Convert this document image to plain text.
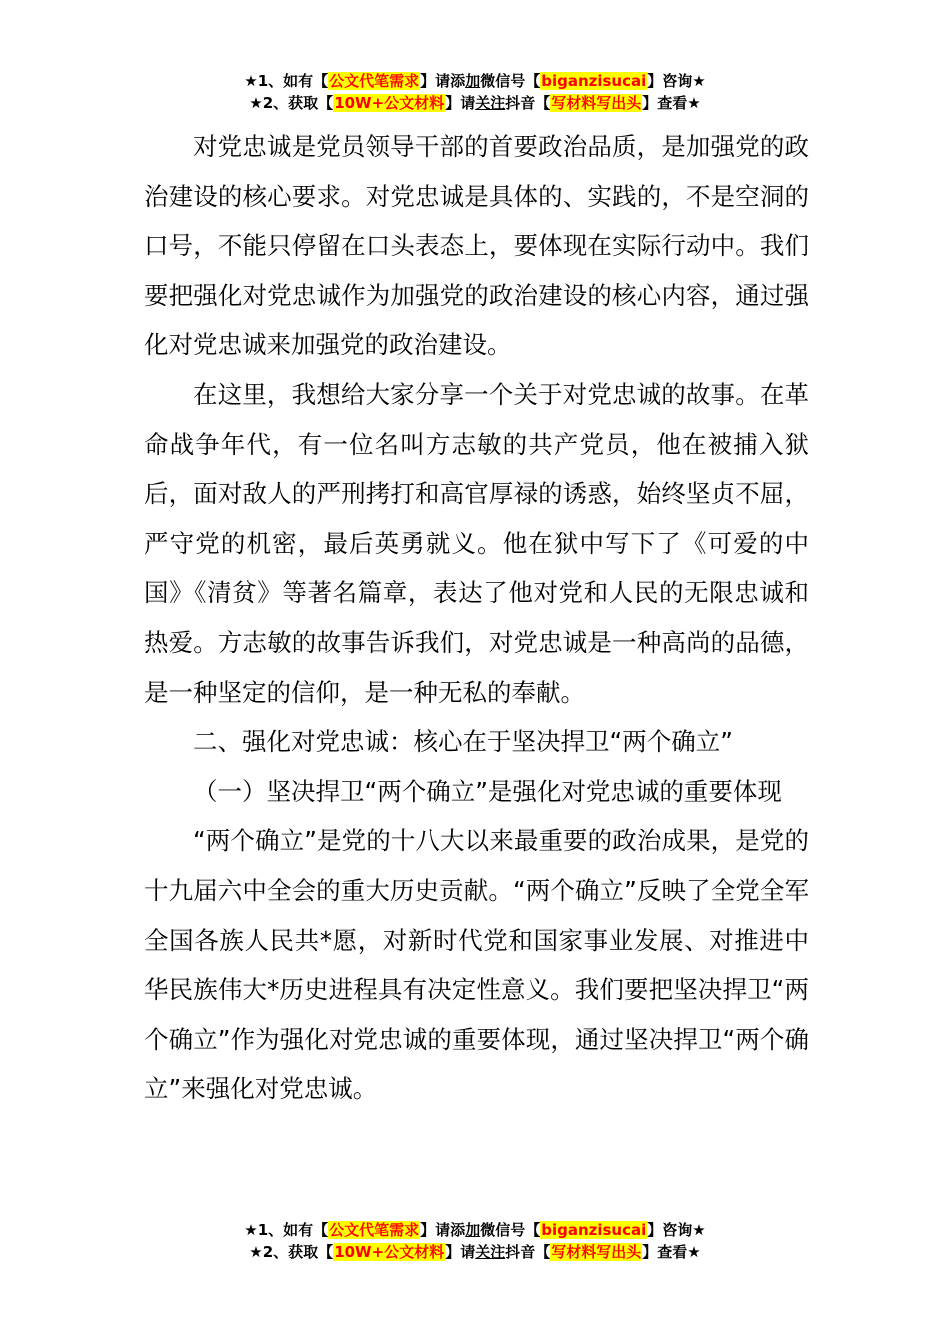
★1、如有【公文代笔需求】请添加微信号【biganzisucai】咨询★
★2、获取【10W+公文材料】请关注抖音【写材料写出头】查看★

对党忠诚是党员领导干部的首要政治品质，是加强党的政治建设的核心要求。对党忠诚是具体的、实践的，不是空洞的口号，不能只停留在口头表态上，要体现在实际行动中。我们要把强化对党忠诚作为加强党的政治建设的核心内容，通过强化对党忠诚来加强党的政治建设。

在这里，我想给大家分享一个关于对党忠诚的故事。在革命战争年代，有一位名叫方志敏的共产党员，他在被捕入狱后，面对敌人的严刑拷打和高官厚禄的诱惑，始终坚贞不屈，严守党的机密，最后英勇就义。他在狱中写下了《可爱的中国》《清贫》等著名篇章，表达了他对党和人民的无限忠诚和热爱。方志敏的故事告诉我们，对党忠诚是一种高尚的品德，是一种坚定的信仰，是一种无私的奉献。

二、强化对党忠诚：核心在于坚决捍卫“两个确立”

（一）坚决捍卫“两个确立”是强化对党忠诚的重要体现

“两个确立”是党的十八大以来最重要的政治成果，是党的十九届六中全会的重大历史贡献。“两个确立”反映了全党全军全国各族人民共*愿，对新时代党和国家事业发展、对推进中华民族伟大*历史进程具有决定性意义。我们要把坚决捍卫“两个确立”作为强化对党忠诚的重要体现，通过坚决捍卫“两个确立”来强化对党忠诚。

★1、如有【公文代笔需求】请添加微信号【biganzisucai】咨询★
★2、获取【10W+公文材料】请关注抖音【写材料写出头】查看★
